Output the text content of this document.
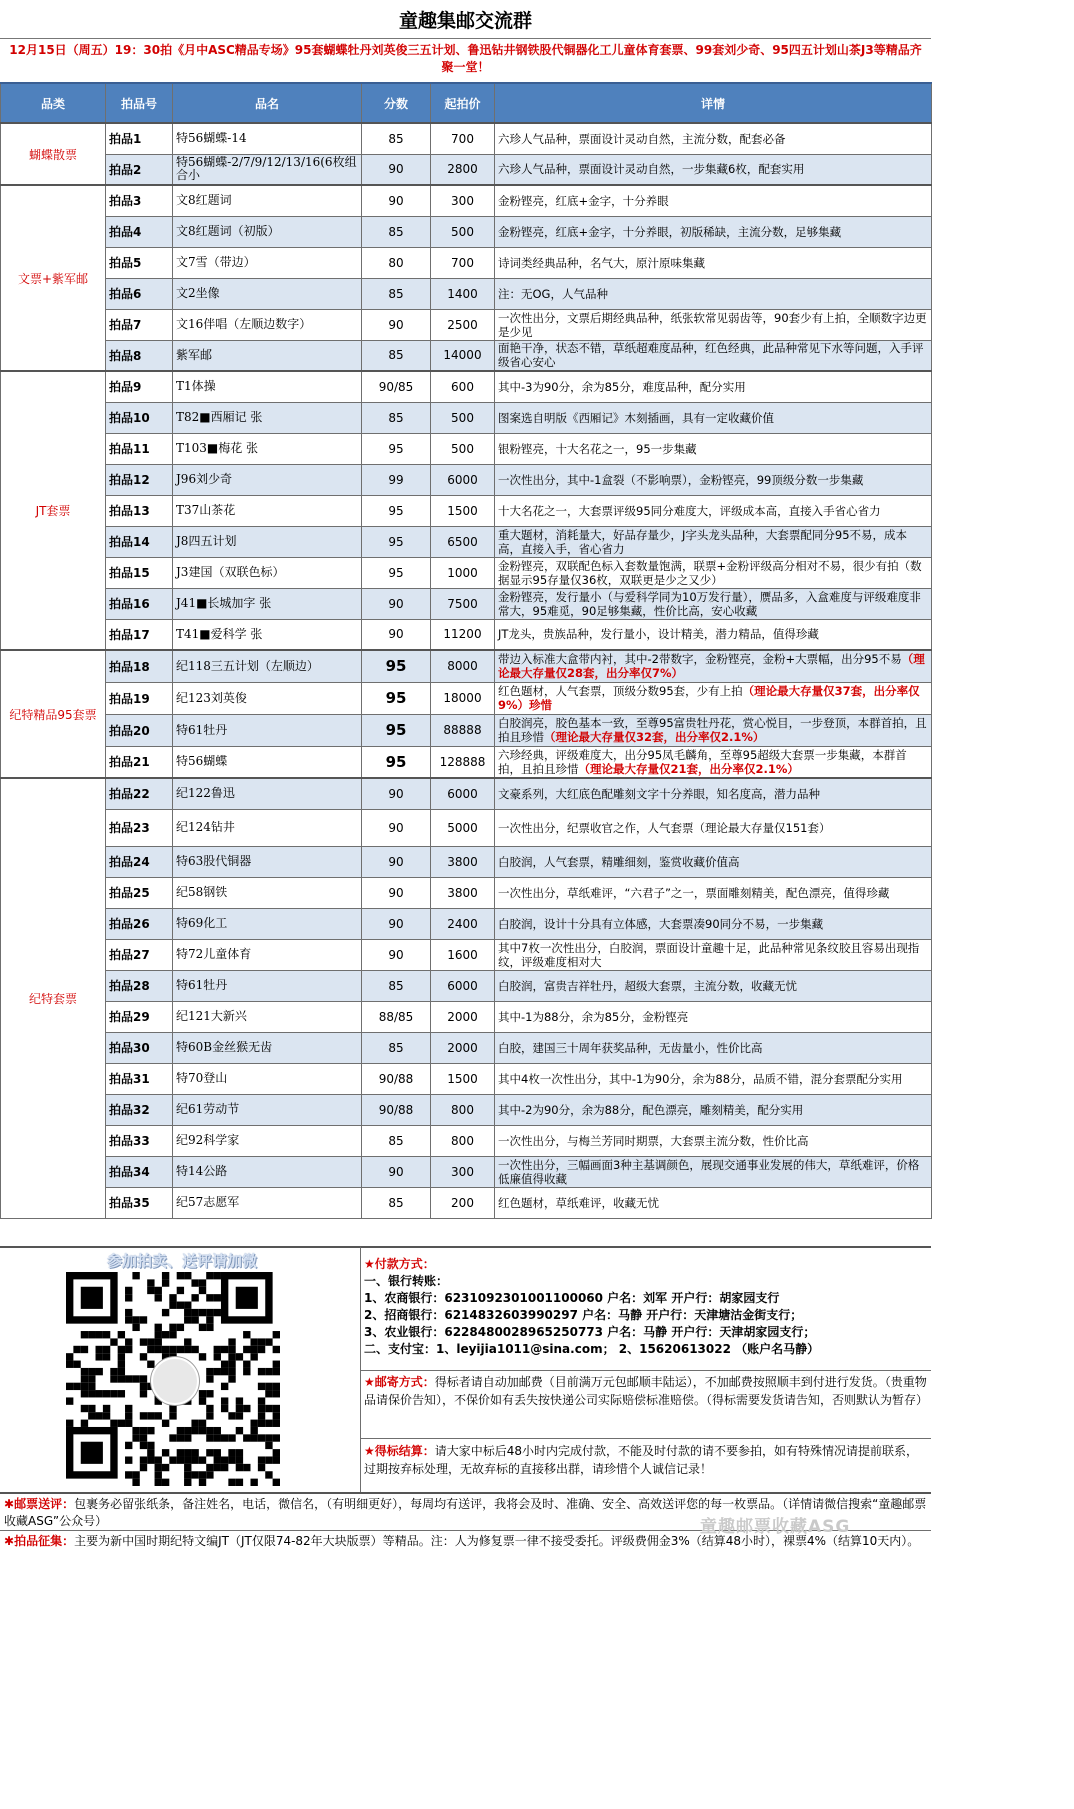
童趣集邮交流群
12月15日（周五）19：30拍《月中ASC精品专场》95套蝴蝶牡丹刘英俊三五计划、鲁迅钻井钢铁股代铜器化工儿童体育套票、99套刘少奇、95四五计划山茶J3等精品齐聚一堂！
品类	拍品号	品名	分数	起拍价	详情
蝴蝶散票	拍品1	特56蝴蝶-14	85	700	六珍人气品种，票面设计灵动自然，主流分数，配套必备
	拍品2	特56蝴蝶-2/7/9/12/13/16(6枚组合小	90	2800	六珍人气品种，票面设计灵动自然，一步集藏6枚，配套实用
文票+紫军邮	拍品3	文8红题词	90	300	金粉铿亮，红底+金字，十分养眼
	拍品4	文8红题词（初版）	85	500	金粉铿亮，红底+金字，十分养眼，初版稀缺，主流分数，足够集藏
	拍品5	文7雪（带边）	80	700	诗词类经典品种，名气大，原汁原味集藏
	拍品6	文2坐像	85	1400	注：无OG，人气品种
	拍品7	文16伴唱（左顺边数字）	90	2500	一次性出分，文票后期经典品种，纸张软常见弱齿等，90套少有上拍，全顺数字边更是少见
	拍品8	紫军邮	85	14000	面艳干净，状态不错，草纸超难度品种，红色经典，此品种常见下水等问题，入手评级省心安心
JT套票	拍品9	T1体操	90/85	600	其中-3为90分，余为85分，难度品种，配分实用
	拍品10	T82■西厢记 张	85	500	图案选自明版《西厢记》木刻插画，具有一定收藏价值
	拍品11	T103■梅花 张	95	500	银粉铿亮，十大名花之一，95一步集藏
	拍品12	J96刘少奇	99	6000	一次性出分，其中-1盒裂（不影响票），金粉铿亮，99顶级分数一步集藏
	拍品13	T37山茶花	95	1500	十大名花之一，大套票评级95同分难度大，评级成本高，直接入手省心省力
	拍品14	J8四五计划	95	6500	重大题材，消耗量大，好品存量少，J字头龙头品种，大套票配同分95不易，成本高，直接入手，省心省力
	拍品15	J3建国（双联色标）	95	1000	金粉铿亮，双联配色标入套数量饱满，联票+金粉评级高分相对不易，很少有拍（数据显示95存量仅36枚，双联更是少之又少）
	拍品16	J41■长城加字 张	90	7500	金粉铿亮，发行量小（与爱科学同为10万发行量），赝品多，入盒难度与评级难度非常大，95难觅，90足够集藏，性价比高，安心收藏
	拍品17	T41■爱科学 张	90	11200	JT龙头，贵族品种，发行量小，设计精美，潜力精品，值得珍藏
纪特精品95套票	拍品18	纪118三五计划（左顺边）	95	8000	带边入标准大盒带内衬，其中-2带数字，金粉铿亮，金粉+大票幅，出分95不易（理论最大存量仅28套，出分率仅7%）
	拍品19	纪123刘英俊	95	18000	红色题材，人气套票，顶级分数95套，少有上拍（理论最大存量仅37套，出分率仅9%）珍惜
	拍品20	特61牡丹	95	88888	白胶润亮，胶色基本一致，至尊95富贵牡丹花，赏心悦目，一步登顶，本群首拍，且拍且珍惜（理论最大存量仅32套，出分率仅2.1%）
	拍品21	特56蝴蝶	95	128888	六珍经典，评级难度大，出分95凤毛麟角，至尊95超级大套票一步集藏，本群首拍，且拍且珍惜（理论最大存量仅21套，出分率仅2.1%）
纪特套票	拍品22	纪122鲁迅	90	6000	文豪系列，大红底色配雕刻文字十分养眼，知名度高，潜力品种
	拍品23	纪124钻井	90	5000	一次性出分，纪票收官之作，人气套票（理论最大存量仅151套）
	拍品24	特63股代铜器	90	3800	白胶润，人气套票，精雕细刻，鉴赏收藏价值高
	拍品25	纪58钢铁	90	3800	一次性出分，草纸难评，“六君子”之一，票面雕刻精美，配色漂亮，值得珍藏
	拍品26	特69化工	90	2400	白胶润，设计十分具有立体感，大套票凑90同分不易，一步集藏
	拍品27	特72儿童体育	90	1600	其中7枚一次性出分，白胶润，票面设计童趣十足，此品种常见条纹胶且容易出现指纹，评级难度相对大
	拍品28	特61牡丹	85	6000	白胶润，富贵吉祥牡丹，超级大套票，主流分数，收藏无忧
	拍品29	纪121大新兴	88/85	2000	其中-1为88分，余为85分，金粉铿亮
	拍品30	特60B金丝猴无齿	85	2000	白胶，建国三十周年获奖品种，无齿量小，性价比高
	拍品31	特70登山	90/88	1500	其中4枚一次性出分，其中-1为90分，余为88分，品质不错，混分套票配分实用
	拍品32	纪61劳动节	90/88	800	其中-2为90分，余为88分，配色漂亮，雕刻精美，配分实用
	拍品33	纪92科学家	85	800	一次性出分，与梅兰芳同时期票，大套票主流分数，性价比高
	拍品34	特14公路	90	300	一次性出分，三幅画面3种主基调颜色，展现交通事业发展的伟大，草纸难评，价格低廉值得收藏
	拍品35	纪57志愿军	85	200	红色题材，草纸难评，收藏无忧
参加拍卖、送评请加微	★付款方式：
一、银行转账：
1、农商银行：6231092301001100060 户名：刘军 开户行：胡家园支行
2、招商银行：6214832603990297 户名：马静 开户行：天津塘沽金街支行；
3、农业银行：6228480028965250773 户名：马静 开户行：天津胡家园支行；
二、支付宝：1、leyijia1011@sina.com； 2、15620613022 （账户名马静）
★邮寄方式：得标者请自动加邮费（目前满万元包邮顺丰陆运），不加邮费按照顺丰到付进行发货。（贵重物品请保价告知），不保价如有丢失按快递公司实际赔偿标准赔偿。（得标需要发货请告知，否则默认为暂存）
★得标结算：请大家中标后48小时内完成付款，不能及时付款的请不要参拍，如有特殊情况请提前联系，过期按弃标处理，无故弃标的直接移出群，请珍惜个人诚信记录！
✱邮票送评：包裹务必留张纸条，备注姓名，电话，微信名，（有明细更好），每周均有送评，我将会及时、准确、安全、高效送评您的每一枚票品。（详情请微信搜索“童趣邮票收藏ASG”公众号）
✱拍品征集：主要为新中国时期纪特文编JT（JT仅限74-82年大块版票）等精品。注：人为修复票一律不接受委托。评级费佣金3%（结算48小时），裸票4%（结算10天内）。
童趣邮票收藏ASG
